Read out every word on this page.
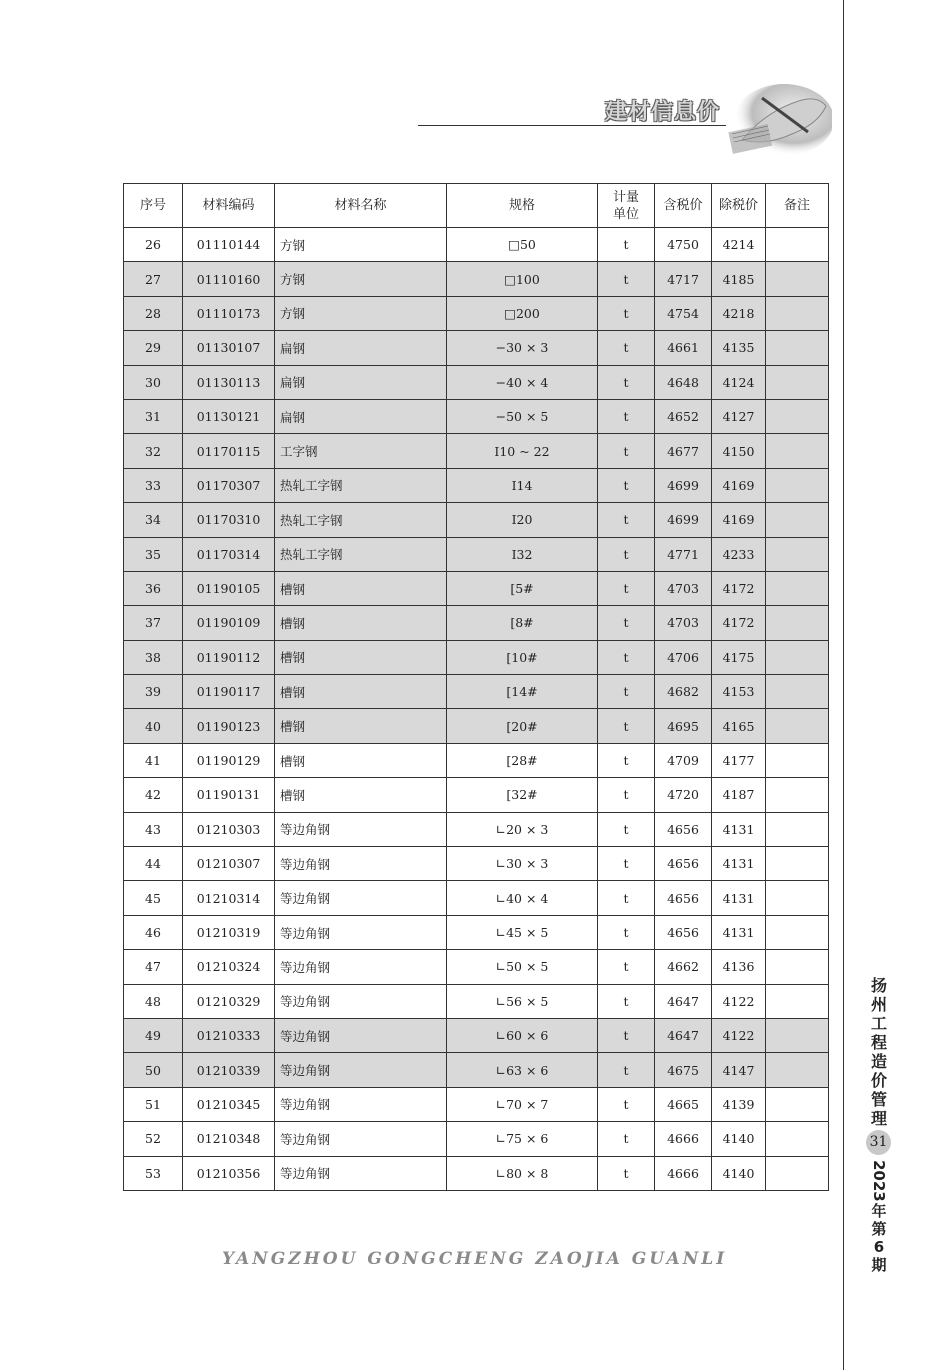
建材信息价
序号	材料编码	材料名称	规格	计量单位	含税价	除税价	备注
26	01110144	方钢	□50	t	4750	4214	
27	01110160	方钢	□100	t	4717	4185	
28	01110173	方钢	□200	t	4754	4218	
29	01130107	扁钢	−30 × 3	t	4661	4135	
30	01130113	扁钢	−40 × 4	t	4648	4124	
31	01130121	扁钢	−50 × 5	t	4652	4127	
32	01170115	工字钢	I10 ~ 22	t	4677	4150	
33	01170307	热轧工字钢	I14	t	4699	4169	
34	01170310	热轧工字钢	I20	t	4699	4169	
35	01170314	热轧工字钢	I32	t	4771	4233	
36	01190105	槽钢	[5#	t	4703	4172	
37	01190109	槽钢	[8#	t	4703	4172	
38	01190112	槽钢	[10#	t	4706	4175	
39	01190117	槽钢	[14#	t	4682	4153	
40	01190123	槽钢	[20#	t	4695	4165	
41	01190129	槽钢	[28#	t	4709	4177	
42	01190131	槽钢	[32#	t	4720	4187	
43	01210303	等边角钢	∟20 × 3	t	4656	4131	
44	01210307	等边角钢	∟30 × 3	t	4656	4131	
45	01210314	等边角钢	∟40 × 4	t	4656	4131	
46	01210319	等边角钢	∟45 × 5	t	4656	4131	
47	01210324	等边角钢	∟50 × 5	t	4662	4136	
48	01210329	等边角钢	∟56 × 5	t	4647	4122	
49	01210333	等边角钢	∟60 × 6	t	4647	4122	
50	01210339	等边角钢	∟63 × 6	t	4675	4147	
51	01210345	等边角钢	∟70 × 7	t	4665	4139	
52	01210348	等边角钢	∟75 × 6	t	4666	4140	
53	01210356	等边角钢	∟80 × 8	t	4666	4140	
YANGZHOU GONGCHENG ZAOJIA GUANLI
扬州工程造价管理
31
2023
年
第
6
期
